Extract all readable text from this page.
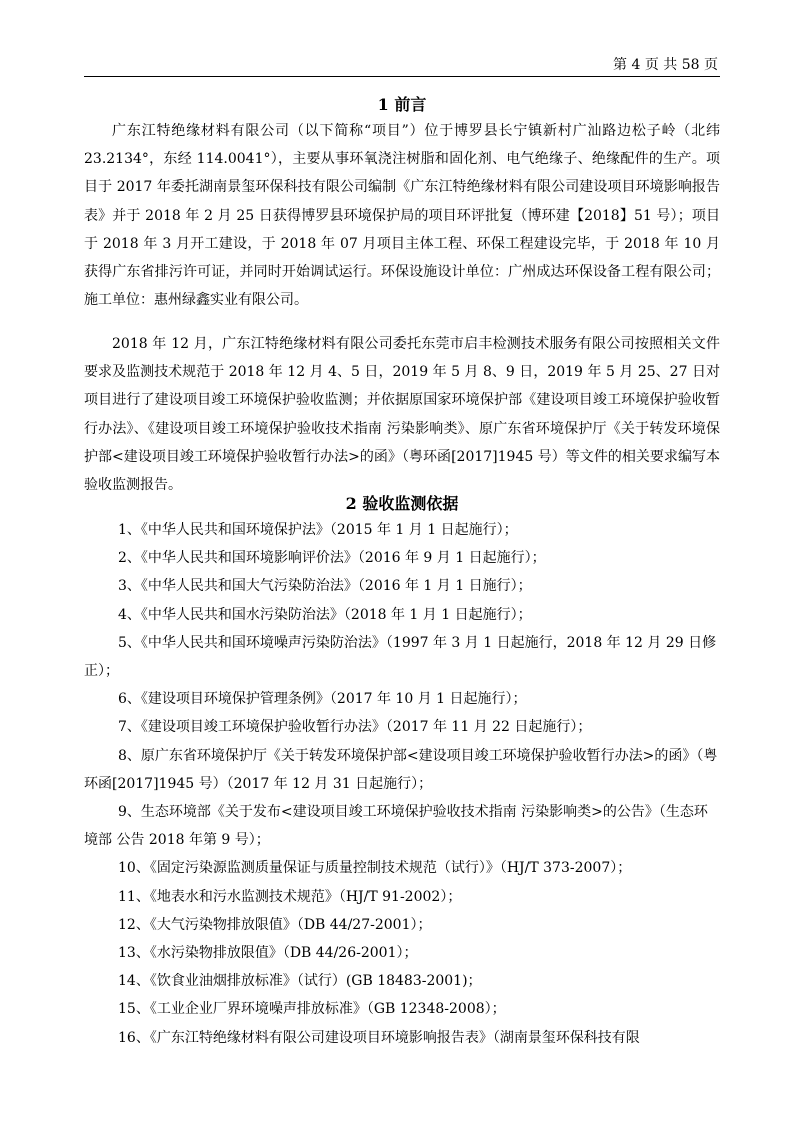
第 4 页 共 58 页
1 前言

广东江特绝缘材料有限公司（以下简称“项目”）位于博罗县长宁镇新村广汕路边松子岭（北纬 23.2134°，东经 114.0041°），主要从事环氧浇注树脂和固化剂、电气绝缘子、绝缘配件的生产。项目于 2017 年委托湖南景玺环保科技有限公司编制《广东江特绝缘材料有限公司建设项目环境影响报告表》并于 2018 年 2 月 25 日获得博罗县环境保护局的项目环评批复（博环建【2018】51 号）；项目于 2018 年 3 月开工建设，于 2018 年 07 月项目主体工程、环保工程建设完毕，于 2018 年 10 月获得广东省排污许可证，并同时开始调试运行。环保设施设计单位：广州成达环保设备工程有限公司；施工单位：惠州绿鑫实业有限公司。

2018 年 12 月，广东江特绝缘材料有限公司委托东莞市启丰检测技术服务有限公司按照相关文件要求及监测技术规范于 2018 年 12 月 4、5 日，2019 年 5 月 8、9 日，2019 年 5 月 25、27 日对项目进行了建设项目竣工环境保护验收监测；并依据原国家环境保护部《建设项目竣工环境保护验收暂行办法》、《建设项目竣工环境保护验收技术指南 污染影响类》、原广东省环境保护厅《关于转发环境保护部<建设项目竣工环境保护验收暂行办法>的函》（粤环函[2017]1945 号）等文件的相关要求编写本验收监测报告。

2 验收监测依据

1、《中华人民共和国环境保护法》（2015 年 1 月 1 日起施行）；

2、《中华人民共和国环境影响评价法》（2016 年 9 月 1 日起施行）；

3、《中华人民共和国大气污染防治法》（2016 年 1 月 1 日施行）；

4、《中华人民共和国水污染防治法》（2018 年 1 月 1 日起施行）；

5、《中华人民共和国环境噪声污染防治法》（1997 年 3 月 1 日起施行，2018 年 12 月 29 日修正）；

6、《建设项目环境保护管理条例》（2017 年 10 月 1 日起施行）；

7、《建设项目竣工环境保护验收暂行办法》（2017 年 11 月 22 日起施行）；

8、原广东省环境保护厅《关于转发环境保护部<建设项目竣工环境保护验收暂行办法>的函》（粤环函[2017]1945 号）（2017 年 12 月 31 日起施行）；

9、生态环境部《关于发布<建设项目竣工环境保护验收技术指南 污染影响类>的公告》（生态环境部 公告 2018 年第 9 号）；

10、《固定污染源监测质量保证与质量控制技术规范（试行）》（HJ/T 373-2007）；

11、《地表水和污水监测技术规范》（HJ/T 91-2002）；

12、《大气污染物排放限值》（DB 44/27-2001）；

13、《水污染物排放限值》（DB 44/26-2001）；

14、《饮食业油烟排放标准》（试行）(GB 18483-2001)；

15、《工业企业厂界环境噪声排放标准》（GB 12348-2008）；

16、《广东江特绝缘材料有限公司建设项目环境影响报告表》（湖南景玺环保科技有限
